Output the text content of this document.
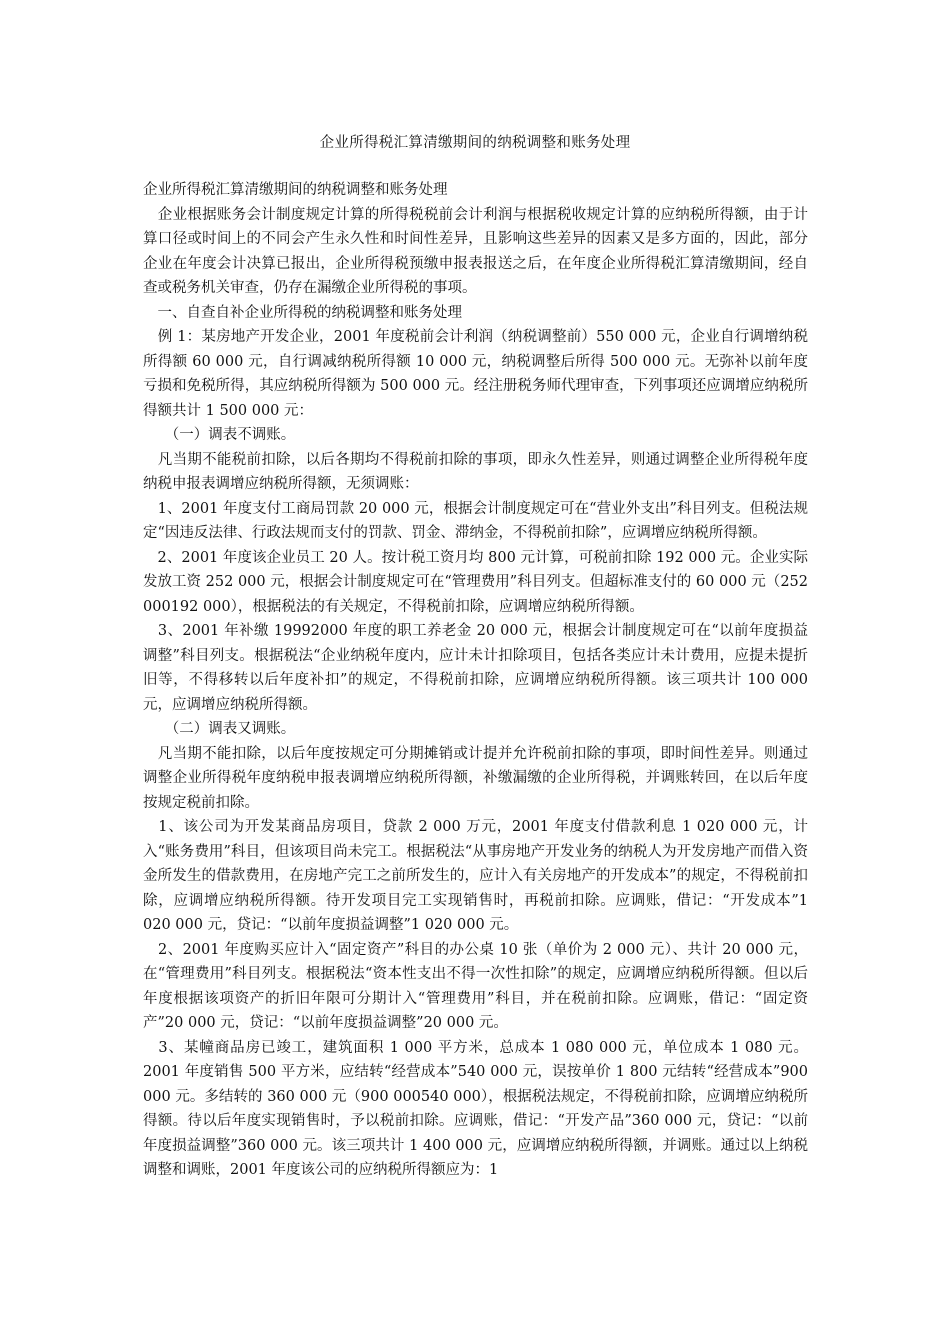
企业所得税汇算清缴期间的纳税调整和账务处理

企业所得税汇算清缴期间的纳税调整和账务处理

　企业根据账务会计制度规定计算的所得税税前会计利润与根据税收规定计算的应纳税所得额，由于计算口径或时间上的不同会产生永久性和时间性差异，且影响这些差异的因素又是多方面的，因此，部分企业在年度会计决算已报出，企业所得税预缴申报表报送之后，在年度企业所得税汇算清缴期间，经自查或税务机关审查，仍存在漏缴企业所得税的事项。

　一、自查自补企业所得税的纳税调整和账务处理

　例 1：某房地产开发企业，2001 年度税前会计利润（纳税调整前）550 000 元，企业自行调增纳税所得额 60 000 元，自行调减纳税所得额 10 000 元，纳税调整后所得 500 000 元。无弥补以前年度亏损和免税所得，其应纳税所得额为 500 000 元。经注册税务师代理审查，下列事项还应调增应纳税所得额共计 1 500 000 元：

　　（一）调表不调账。

　凡当期不能税前扣除，以后各期均不得税前扣除的事项，即永久性差异，则通过调整企业所得税年度纳税申报表调增应纳税所得额，无须调账：

　1、2001 年度支付工商局罚款 20 000 元，根据会计制度规定可在“营业外支出”科目列支。但税法规定“因违反法律、行政法规而支付的罚款、罚金、滞纳金，不得税前扣除”，应调增应纳税所得额。

　2、2001 年度该企业员工 20 人。按计税工资月均 800 元计算，可税前扣除 192 000 元。企业实际发放工资 252 000 元，根据会计制度规定可在“管理费用”科目列支。但超标准支付的 60 000 元（252 000192 000），根据税法的有关规定，不得税前扣除，应调增应纳税所得额。

　3、2001 年补缴 19992000 年度的职工养老金 20 000 元，根据会计制度规定可在“以前年度损益调整”科目列支。根据税法“企业纳税年度内，应计未计扣除项目，包括各类应计未计费用，应提未提折旧等，不得移转以后年度补扣”的规定，不得税前扣除，应调增应纳税所得额。该三项共计 100 000 元，应调增应纳税所得额。

　　（二）调表又调账。

　凡当期不能扣除，以后年度按规定可分期摊销或计提并允许税前扣除的事项，即时间性差异。则通过调整企业所得税年度纳税申报表调增应纳税所得额，补缴漏缴的企业所得税，并调账转回，在以后年度按规定税前扣除。

　1、该公司为开发某商品房项目，贷款 2 000 万元，2001 年度支付借款利息 1 020 000 元，计入“账务费用”科目，但该项目尚未完工。根据税法“从事房地产开发业务的纳税人为开发房地产而借入资金所发生的借款费用，在房地产完工之前所发生的，应计入有关房地产的开发成本”的规定，不得税前扣除，应调增应纳税所得额。待开发项目完工实现销售时，再税前扣除。应调账，借记：“开发成本”1 020 000 元，贷记：“以前年度损益调整”1 020 000 元。

　2、2001 年度购买应计入“固定资产”科目的办公桌 10 张（单价为 2 000 元）、共计 20 000 元，在“管理费用”科目列支。根据税法“资本性支出不得一次性扣除”的规定，应调增应纳税所得额。但以后年度根据该项资产的折旧年限可分期计入“管理费用”科目，并在税前扣除。应调账，借记：“固定资产”20 000 元，贷记：“以前年度损益调整”20 000 元。

　3、某幢商品房已竣工，建筑面积 1 000 平方米，总成本 1 080 000 元，单位成本 1 080 元。2001 年度销售 500 平方米，应结转“经营成本”540 000 元，误按单价 1 800 元结转“经营成本”900 000 元。多结转的 360 000 元（900 000540 000），根据税法规定，不得税前扣除，应调增应纳税所得额。待以后年度实现销售时，予以税前扣除。应调账，借记：“开发产品”360 000 元，贷记：“以前年度损益调整”360 000 元。该三项共计 1 400 000 元，应调增应纳税所得额，并调账。通过以上纳税调整和调账，2001 年度该公司的应纳税所得额应为：1
